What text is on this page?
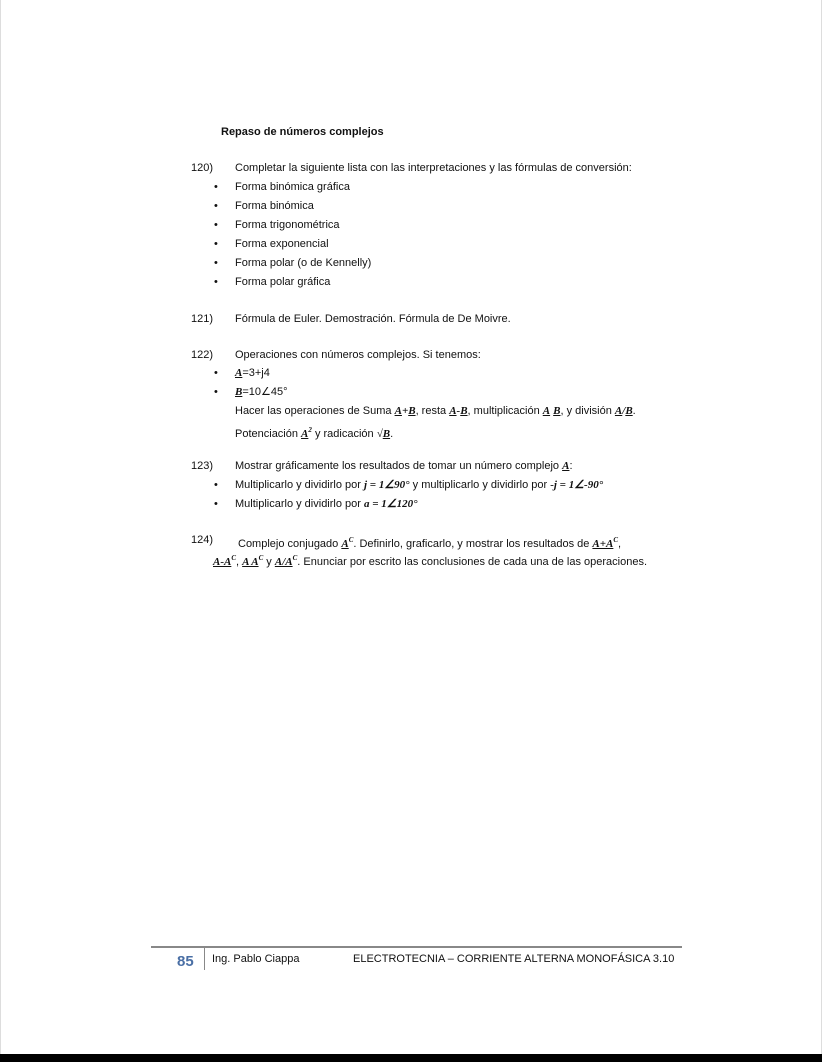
Repaso de números complejos
120) Completar la siguiente lista con las interpretaciones y las fórmulas de conversión:
• Forma binómica gráfica
• Forma binómica
• Forma trigonométrica
• Forma exponencial
• Forma polar (o de Kennelly)
• Forma polar gráfica
121) Fórmula de Euler. Demostración. Fórmula de De Moivre.
122) Operaciones con números complejos. Si tenemos:
• A=3+j4
• B=10∠45°
Hacer las operaciones de Suma A+B, resta A-B, multiplicación A B, y división A/B.
Potenciación $A^2$ y radicación √B.
123) Mostrar gráficamente los resultados de tomar un número complejo A:
• Multiplicarlo y dividirlo por j = 1∠90° y multiplicarlo y dividirlo por -j = 1∠-90°
• Multiplicarlo y dividirlo por a = 1∠120°
124) Complejo conjugado $A^C$. Definirlo, graficarlo, y mostrar los resultados de $A+A^C$,
$A-A^C$, A $A^C$ y $A/A^C$. Enunciar por escrito las conclusiones de cada una de las operaciones.
85 Ing. Pablo Ciappa	ELECTROTECNIA – CORRIENTE ALTERNA MONOFÁSICA 3.10
